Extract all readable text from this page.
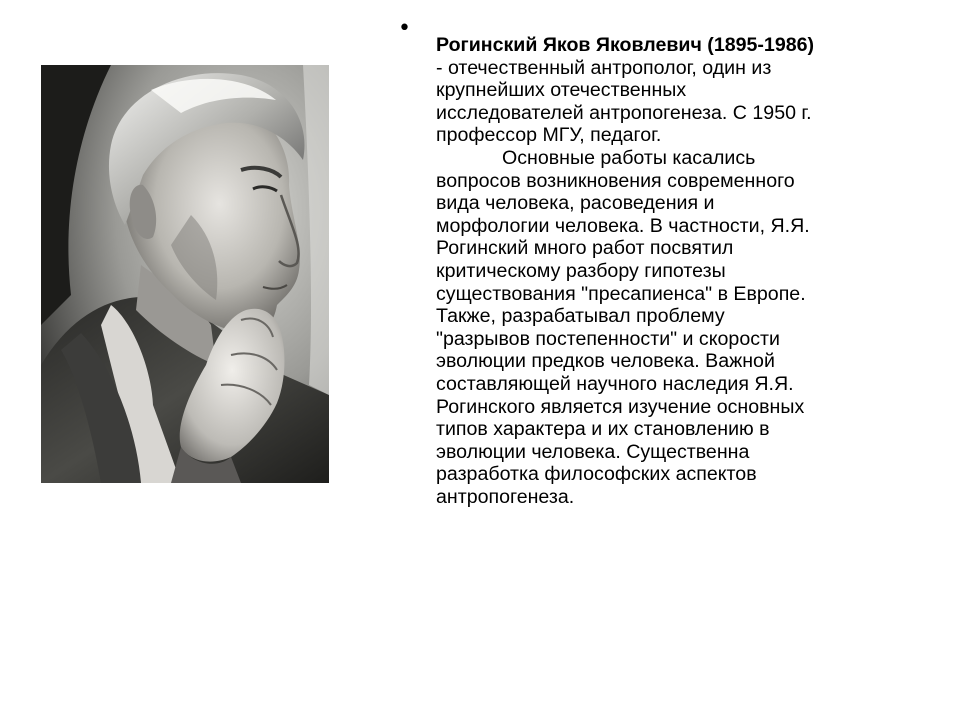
•
Рогинский Яков Яковлевич (1895-1986)
- отечественный антрополог, один из
крупнейших отечественных
исследователей антропогенеза. С 1950 г.
профессор МГУ, педагог.
Основные работы касались
вопросов возникновения современного
вида человека, расоведения и
морфологии человека. В частности, Я.Я.
Рогинский много работ посвятил
критическому разбору гипотезы
существования "пресапиенса" в Европе.
Также, разрабатывал проблему
"разрывов постепенности" и скорости
эволюции предков человека. Важной
составляющей научного наследия Я.Я.
Рогинского является изучение основных
типов характера и их становлению в
эволюции человека. Существенна
разработка философских аспектов
антропогенеза.
